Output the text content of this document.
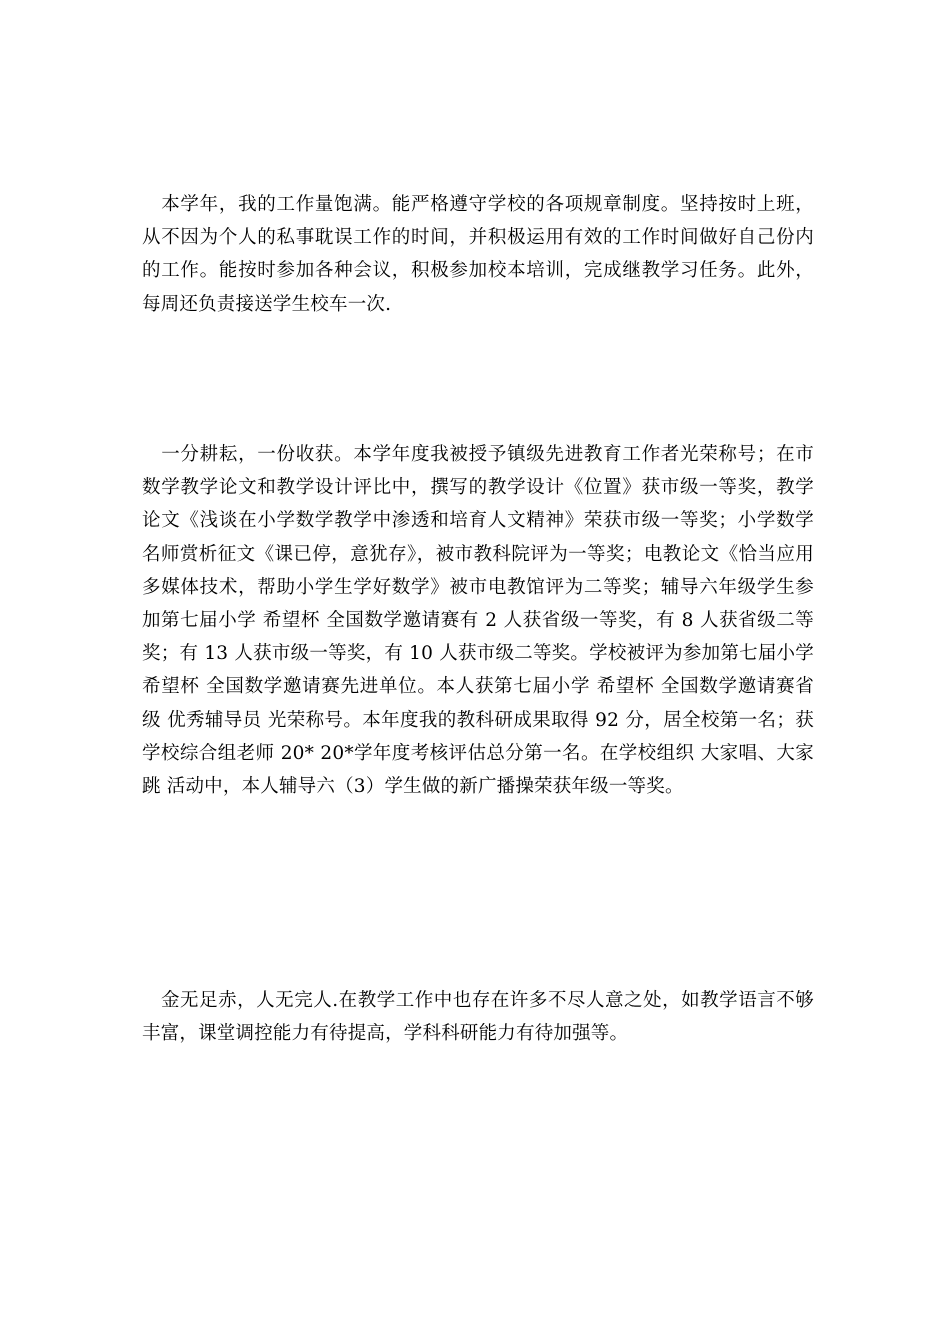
　本学年，我的工作量饱满。能严格遵守学校的各项规章制度。坚持按时上班，从不因为个人的私事耽误工作的时间，并积极运用有效的工作时间做好自己份内的工作。能按时参加各种会议，积极参加校本培训，完成继教学习任务。此外，每周还负责接送学生校车一次.

　一分耕耘，一份收获。本学年度我被授予镇级先进教育工作者光荣称号；在市数学教学论文和教学设计评比中，撰写的教学设计《位置》获市级一等奖，教学论文《浅谈在小学数学教学中渗透和培育人文精神》荣获市级一等奖；小学数学名师赏析征文《课已停，意犹存》，被市教科院评为一等奖；电教论文《恰当应用多媒体技术，帮助小学生学好数学》被市电教馆评为二等奖；辅导六年级学生参加第七届小学 希望杯 全国数学邀请赛有 2 人获省级一等奖，有 8 人获省级二等奖；有 13 人获市级一等奖，有 10 人获市级二等奖。学校被评为参加第七届小学 希望杯 全国数学邀请赛先进单位。本人获第七届小学 希望杯 全国数学邀请赛省级 优秀辅导员 光荣称号。本年度我的教科研成果取得 92 分，居全校第一名；获学校综合组老师 20* 20*学年度考核评估总分第一名。在学校组织 大家唱、大家跳 活动中，本人辅导六（3）学生做的新广播操荣获年级一等奖。

　金无足赤，人无完人.在教学工作中也存在许多不尽人意之处，如教学语言不够丰富，课堂调控能力有待提高，学科科研能力有待加强等。
